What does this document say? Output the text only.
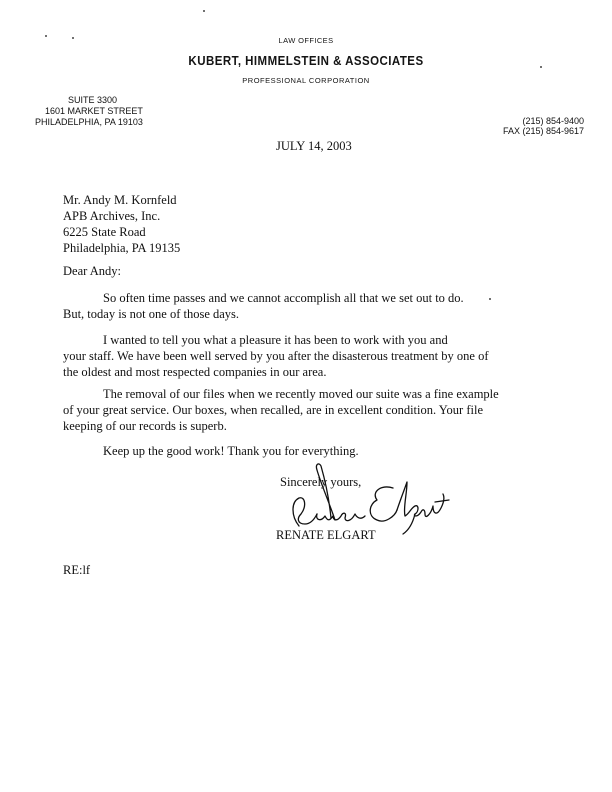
LAW OFFICES
KUBERT, HIMMELSTEIN & ASSOCIATES
PROFESSIONAL CORPORATION
SUITE 3300
1601 MARKET STREET
PHILADELPHIA, PA 19103	(215) 854-9400
FAX (215) 854-9617
JULY 14, 2003
Mr. Andy M. Kornfeld
APB Archives, Inc.
6225 State Road
Philadelphia, PA 19135
Dear Andy:
So often time passes and we cannot accomplish all that we set out to do.
But, today is not one of those days.
I wanted to tell you what a pleasure it has been to work with you and
your staff. We have been well served by you after the disasterous treatment by one of
the oldest and most respected companies in our area.
The removal of our files when we recently moved our suite was a fine example
of your great service. Our boxes, when recalled, are in excellent condition. Your file
keeping of our records is superb.
Keep up the good work! Thank you for everything.
Sincerely yours,
RENATE ELGART
RE:lf
